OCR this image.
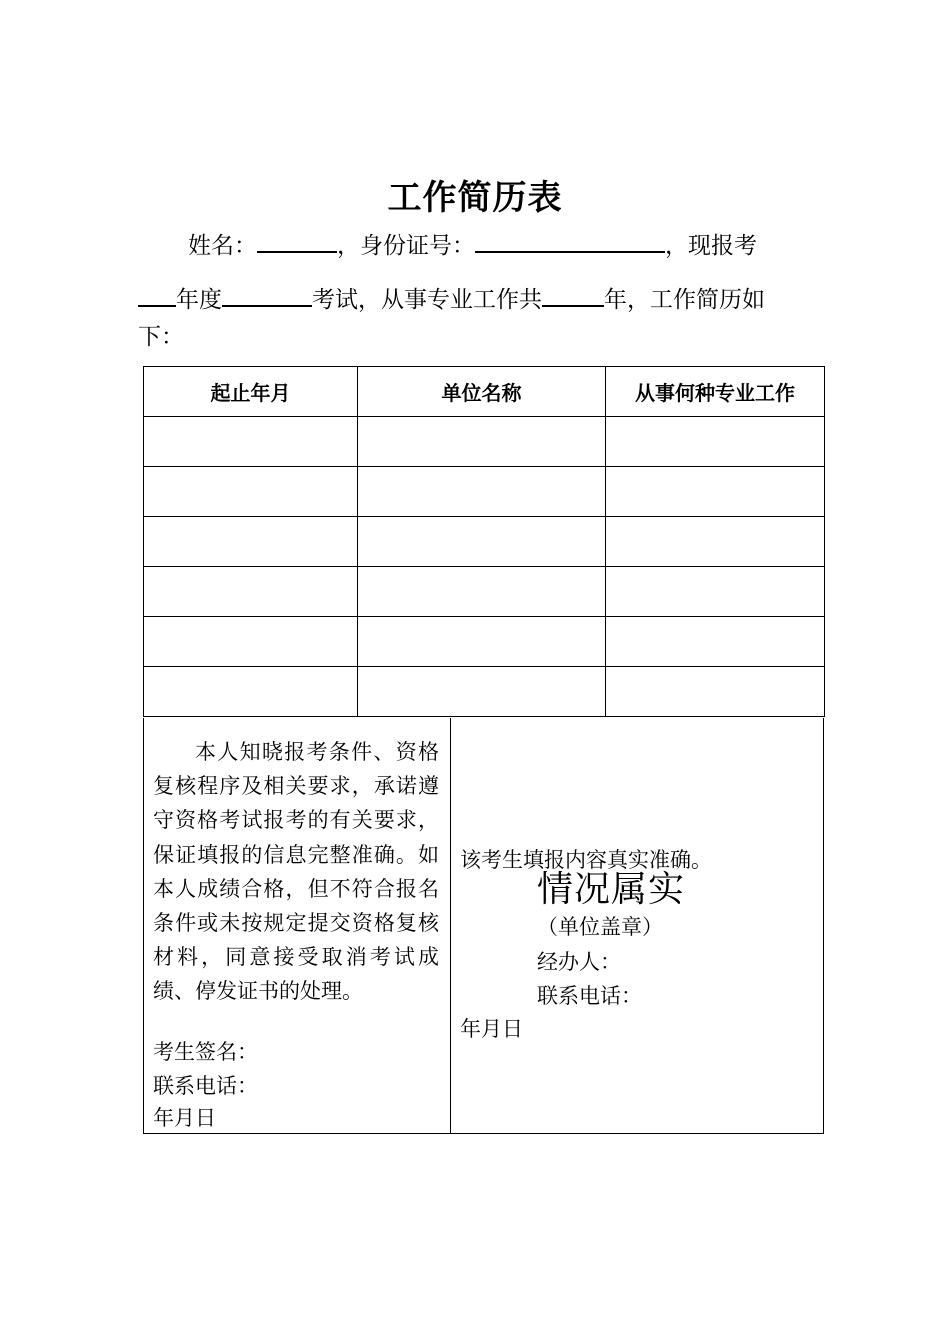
工作简历表
姓名：	，身份证号：	，现报考
年度	考试，从事专业工作共	年，工作简历如
下：
起止年月	单位名称	从事何种专业工作

本人知晓报考条件、资格复核程序及相关要求，承诺遵守资格考试报考的有关要求，保证填报的信息完整准确。如本人成绩合格，但不符合报名条件或未按规定提交资格复核材料，同意接受取消考试成绩、停发证书的处理。
考生签名：
联系电话：
年月日
该考生填报内容真实准确。
情况属实
（单位盖章）
经办人：
联系电话：
年月日
